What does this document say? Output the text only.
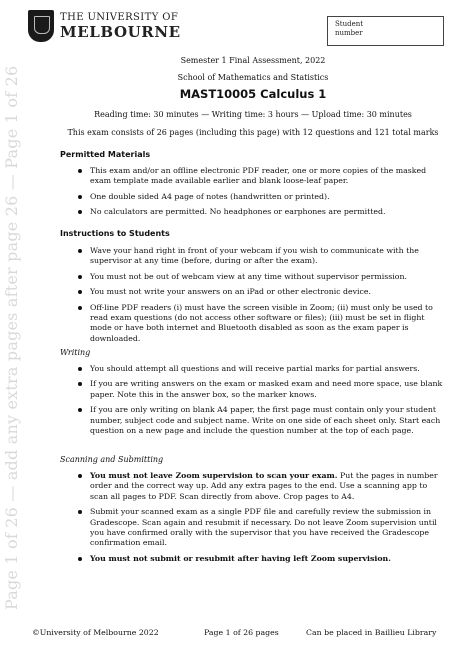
Page 1 of 26 — add any extra pages after page 26 — Page 1 of 26
THE UNIVERSITY OF
MELBOURNE	Student
number
Semester 1 Final Assessment, 2022
School of Mathematics and Statistics
MAST10005 Calculus 1
Reading time: 30 minutes — Writing time: 3 hours — Upload time: 30 minutes
This exam consists of 26 pages (including this page) with 12 questions and 121 total marks
Permitted Materials
This exam and/or an offline electronic PDF reader, one or more copies of the masked exam template made available earlier and blank loose-leaf paper.
One double sided A4 page of notes (handwritten or printed).
No calculators are permitted. No headphones or earphones are permitted.
Instructions to Students
Wave your hand right in front of your webcam if you wish to communicate with the supervisor at any time (before, during or after the exam).
You must not be out of webcam view at any time without supervisor permission.
You must not write your answers on an iPad or other electronic device.
Off-line PDF readers (i) must have the screen visible in Zoom; (ii) must only be used to read exam questions (do not access other software or files); (iii) must be set in flight mode or have both internet and Bluetooth disabled as soon as the exam paper is downloaded.
Writing
You should attempt all questions and will receive partial marks for partial answers.
If you are writing answers on the exam or masked exam and need more space, use blank paper. Note this in the answer box, so the marker knows.
If you are only writing on blank A4 paper, the first page must contain only your student number, subject code and subject name. Write on one side of each sheet only. Start each question on a new page and include the question number at the top of each page.
Scanning and Submitting
You must not leave Zoom supervision to scan your exam. Put the pages in number order and the correct way up. Add any extra pages to the end. Use a scanning app to scan all pages to PDF. Scan directly from above. Crop pages to A4.
Submit your scanned exam as a single PDF file and carefully review the submission in Gradescope. Scan again and resubmit if necessary. Do not leave Zoom supervision until you have confirmed orally with the supervisor that you have received the Gradescope confirmation email.
You must not submit or resubmit after having left Zoom supervision.
©University of Melbourne 2022	Page 1 of 26 pages	Can be placed in Baillieu Library
